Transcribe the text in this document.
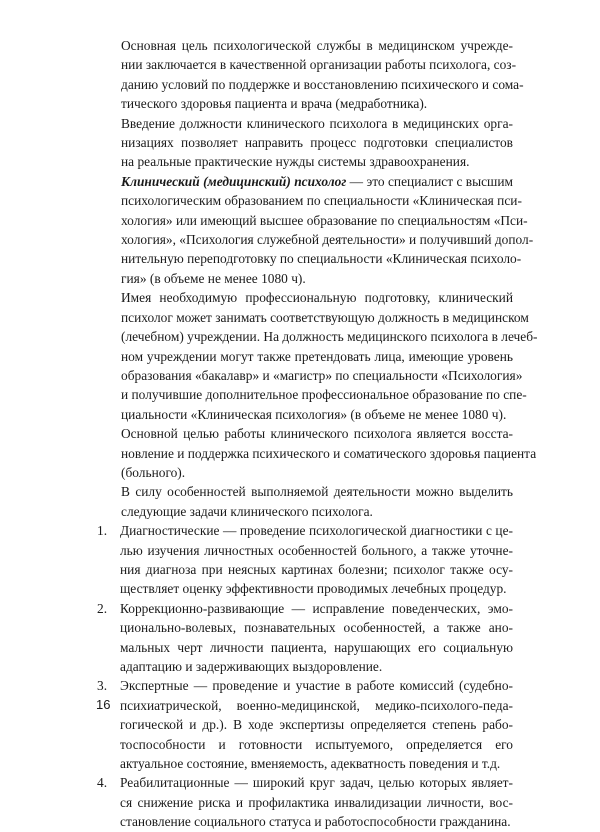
Основная цель психологической службы в медицинском учрежде-
нии заключается в качественной организации работы психолога, соз-
данию условий по поддержке и восстановлению психического и сома-
тического здоровья пациента и врача (медработника).

Введение должности клинического психолога в медицинских орга-
низациях позволяет направить процесс подготовки специалистов
на реальные практические нужды системы здравоохранения.

Клинический (медицинский) психолог — это специалист с высшим
психологическим образованием по специальности «Клиническая пси-
хология» или имеющий высшее образование по специальностям «Пси-
хология», «Психология служебной деятельности» и получивший допол-
нительную переподготовку по специальности «Клиническая психоло-
гия» (в объеме не менее 1080 ч).

Имея необходимую профессиональную подготовку, клинический
психолог может занимать соответствующую должность в медицинском
(лечебном) учреждении. На должность медицинского психолога в лечеб-
ном учреждении могут также претендовать лица, имеющие уровень
образования «бакалавр» и «магистр» по специальности «Психология»
и получившие дополнительное профессиональное образование по спе-
циальности «Клиническая психология» (в объеме не менее 1080 ч).

Основной целью работы клинического психолога является восста-
новление и поддержка психического и соматического здоровья пациента
(больного).

В силу особенностей выполняемой деятельности можно выделить
следующие задачи клинического психолога.

1. Диагностические — проведение психологической диагностики с це-
лью изучения личностных особенностей больного, а также уточне-
ния диагноза при неясных картинах болезни; психолог также осу-
ществляет оценку эффективности проводимых лечебных процедур.
2. Коррекционно-развивающие — исправление поведенческих, эмо-
ционально-волевых, познавательных особенностей, а также ано-
мальных черт личности пациента, нарушающих его социальную
адаптацию и задерживающих выздоровление.
3. Экспертные — проведение и участие в работе комиссий (судебно-
психиатрической, военно-медицинской, медико-психолого-педа-
гогической и др.). В ходе экспертизы определяется степень рабо-
тоспособности и готовности испытуемого, определяется его
актуальное состояние, вменяемость, адекватность поведения и т.д.
4. Реабилитационные — широкий круг задач, целью которых являет-
ся снижение риска и профилактика инвалидизации личности, вос-
становление социального статуса и работоспособности гражданина.
16
